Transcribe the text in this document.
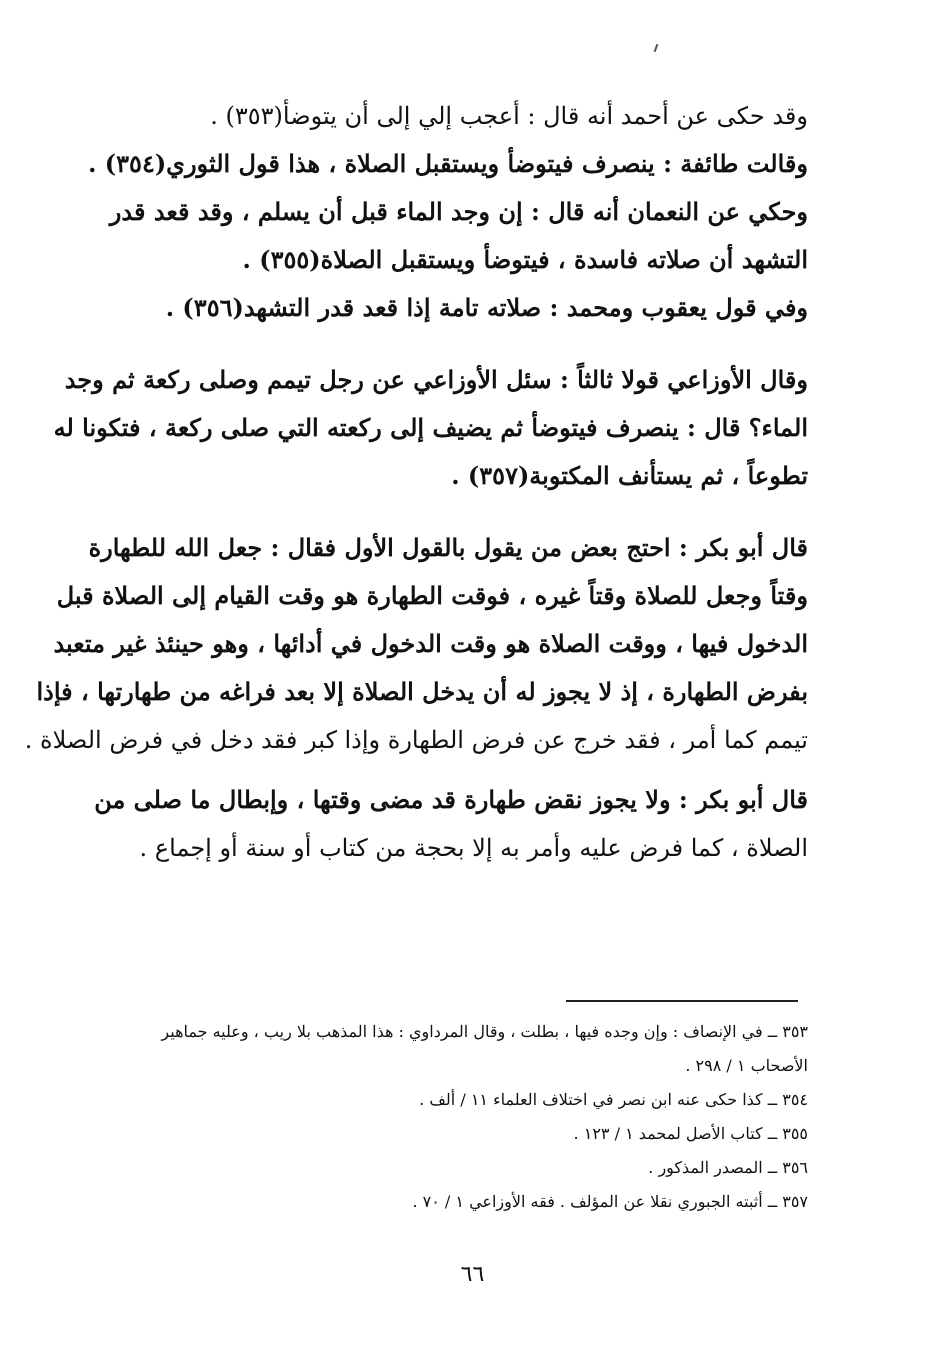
وقد حكى عن أحمد أنه قال : أعجب إلي إلى أن يتوضأ(٣٥٣) .
وقالت طائفة : ينصرف فيتوضأ ويستقبل الصلاة ، هذا قول الثوري(٣٥٤) .
وحكي عن النعمان أنه قال : إن وجد الماء قبل أن يسلم ، وقد قعد قدر
التشهد أن صلاته فاسدة ، فيتوضأ ويستقبل الصلاة(٣٥٥) .
وفي قول يعقوب ومحمد : صلاته تامة إذا قعد قدر التشهد(٣٥٦) .
وقال الأوزاعي قولا ثالثاً : سئل الأوزاعي عن رجل تيمم وصلى ركعة ثم وجد
الماء؟ قال : ينصرف فيتوضأ ثم يضيف إلى ركعته التي صلى ركعة ، فتكونا له
تطوعاً ، ثم يستأنف المكتوبة(٣٥٧) .
قال أبو بكر : احتج بعض من يقول بالقول الأول فقال : جعل الله للطهارة
وقتاً وجعل للصلاة وقتاً غيره ، فوقت الطهارة هو وقت القيام إلى الصلاة قبل
الدخول فيها ، ووقت الصلاة هو وقت الدخول في أدائها ، وهو حينئذ غير متعبد
بفرض الطهارة ، إذ لا يجوز له أن يدخل الصلاة إلا بعد فراغه من طهارتها ، فإذا
تيمم كما أمر ، فقد خرج عن فرض الطهارة وإذا كبر فقد دخل في فرض الصلاة .
قال أبو بكر : ولا يجوز نقض طهارة قد مضى وقتها ، وإبطال ما صلى من
الصلاة ، كما فرض عليه وأمر به إلا بحجة من كتاب أو سنة أو إجماع .
٣٥٣ ــ في الإنصاف : وإن وجده فيها ، بطلت ، وقال المرداوي : هذا المذهب بلا ريب ، وعليه جماهير
الأصحاب ١ / ٢٩٨ .
٣٥٤ ــ كذا حكى عنه ابن نصر في اختلاف العلماء ١١ / ألف .
٣٥٥ ــ كتاب الأصل لمحمد ١ / ١٢٣ .
٣٥٦ ــ المصدر المذكور .
٣٥٧ ــ أثبته الجبوري نقلا عن المؤلف . فقه الأوزاعي ١ / ٧٠ .
٦٦
